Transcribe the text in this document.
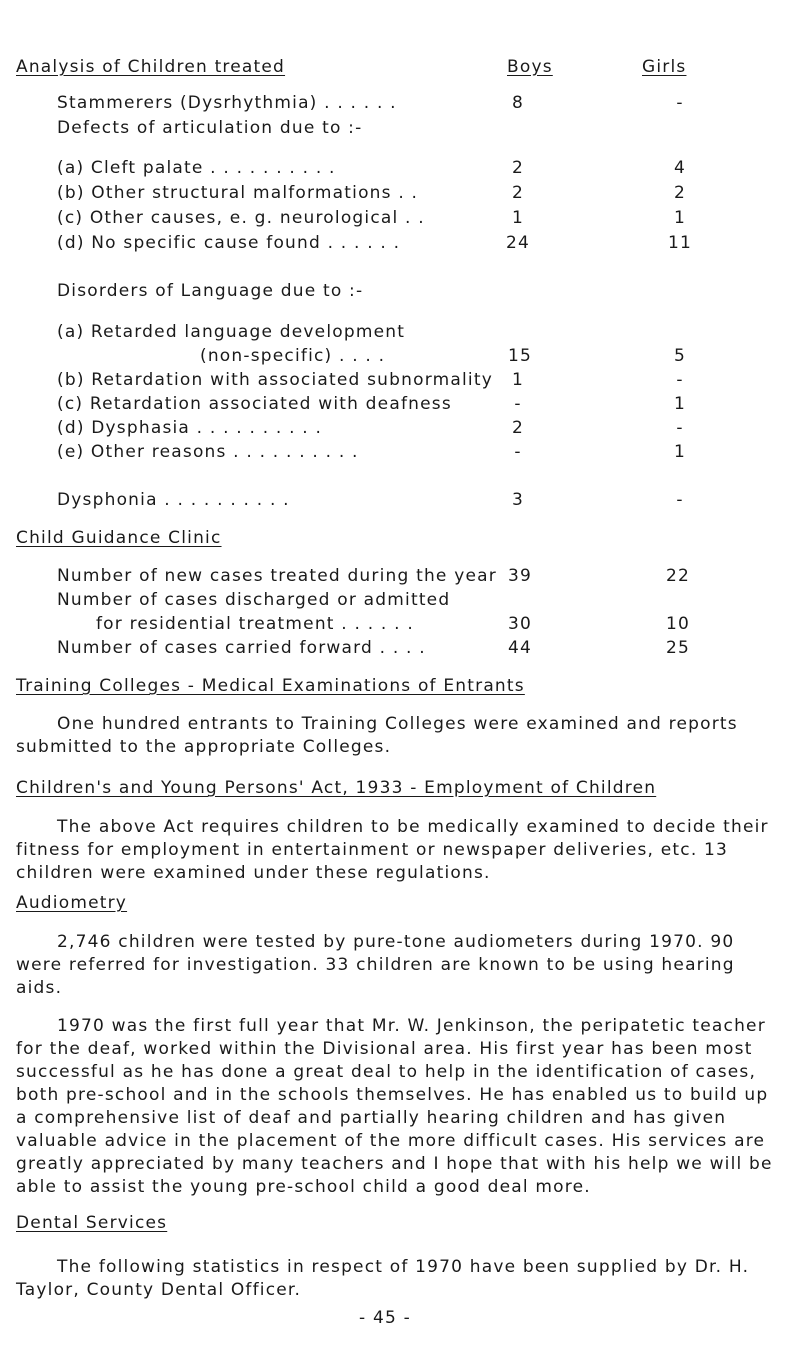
Analysis of Children treated	Boys	Girls
Stammerers (Dysrhythmia) . . . . . .	8	-
Defects of articulation due to :-
(a) Cleft palate . . . . . . . . . .	2	4
(b) Other structural malformations . .	2	2
(c) Other causes, e. g. neurological . .	1	1
(d) No specific cause found . . . . . .	24	11
Disorders of Language due to :-
(a) Retarded language development
(non-specific) . . . .	15	5
(b) Retardation with associated subnormality	1	-
(c) Retardation associated with deafness	-	1
(d) Dysphasia . . . . . . . . . .	2	-
(e) Other reasons . . . . . . . . . .	-	1
Dysphonia . . . . . . . . . .	3	-
Child Guidance Clinic
Number of new cases treated during the year 39	22
Number of cases discharged or admitted
for residential treatment . . . . . .	30	10
Number of cases carried forward . . . .	44	25
Training Colleges - Medical Examinations of Entrants

One hundred entrants to Training Colleges were examined and reports submitted to the appropriate Colleges.

Children's and Young Persons' Act, 1933 - Employment of Children

The above Act requires children to be medically examined to decide their fitness for employment in entertainment or newspaper deliveries, etc. 13 children were examined under these regulations.

Audiometry

2,746 children were tested by pure-tone audiometers during 1970. 90 were referred for investigation. 33 children are known to be using hearing aids.

1970 was the first full year that Mr. W. Jenkinson, the peripatetic teacher for the deaf, worked within the Divisional area. His first year has been most successful as he has done a great deal to help in the identification of cases, both pre-school and in the schools themselves. He has enabled us to build up a comprehensive list of deaf and partially hearing children and has given valuable advice in the placement of the more difficult cases. His services are greatly appreciated by many teachers and I hope that with his help we will be able to assist the young pre-school child a good deal more.

Dental Services

The following statistics in respect of 1970 have been supplied by Dr. H. Taylor, County Dental Officer.

- 45 -
